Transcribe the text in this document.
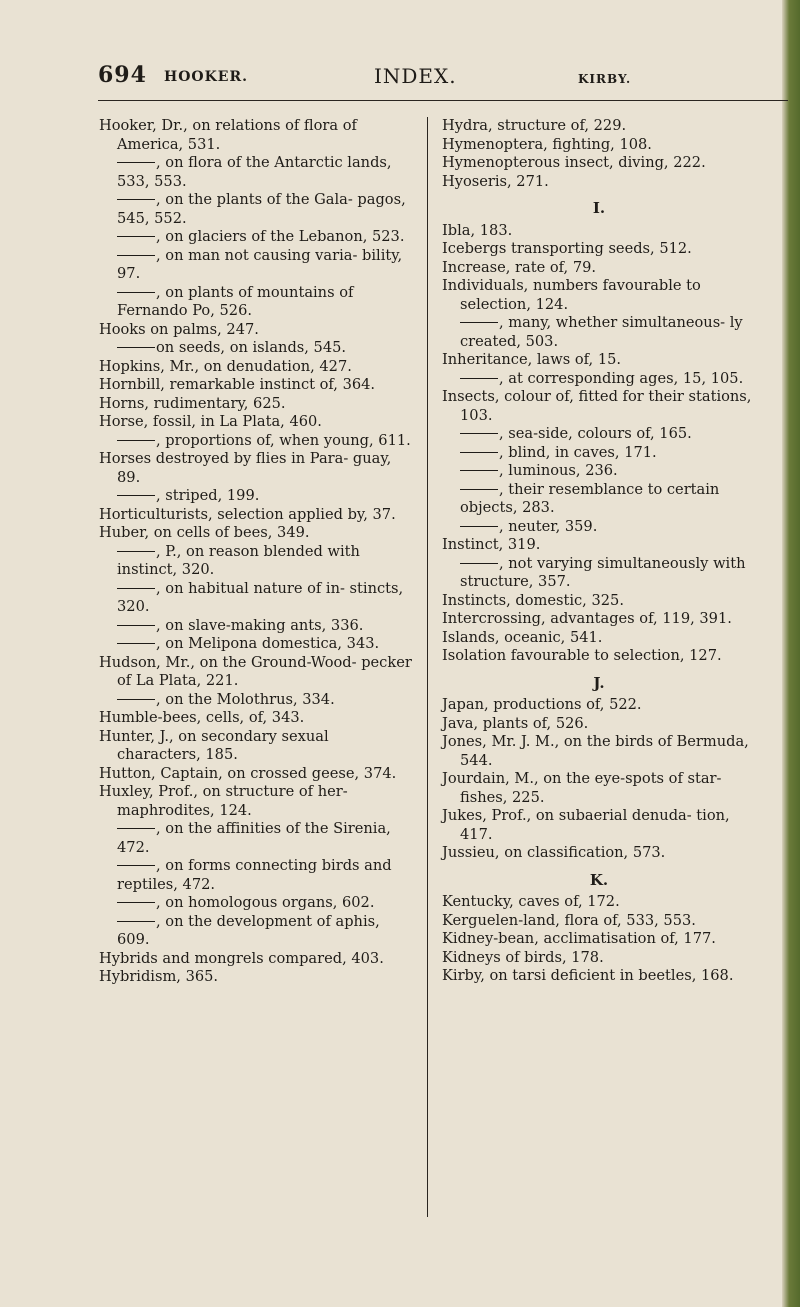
694 HOOKER.	INDEX.	KIRBY.

Hooker, Dr., on relations of flora of America, 531.

, on flora of the Antarctic lands, 533, 553.

, on the plants of the Gala- pagos, 545, 552.

, on glaciers of the Lebanon, 523.

, on man not causing varia- bility, 97.

, on plants of mountains of Fernando Po, 526.

Hooks on palms, 247.

on seeds, on islands, 545.

Hopkins, Mr., on denudation, 427.

Hornbill, remarkable instinct of, 364.

Horns, rudimentary, 625.

Horse, fossil, in La Plata, 460.

, proportions of, when young, 611.

Horses destroyed by flies in Para- guay, 89.

, striped, 199.

Horticulturists, selection applied by, 37.

Huber, on cells of bees, 349.

, P., on reason blended with instinct, 320.

, on habitual nature of in- stincts, 320.

, on slave-making ants, 336.

, on Melipona domestica, 343.

Hudson, Mr., on the Ground-Wood- pecker of La Plata, 221.

, on the Molothrus, 334.

Humble-bees, cells, of, 343.

Hunter, J., on secondary sexual characters, 185.

Hutton, Captain, on crossed geese, 374.

Huxley, Prof., on structure of her- maphrodites, 124.

, on the affinities of the Sirenia, 472.

, on forms connecting birds and reptiles, 472.

, on homologous organs, 602.

, on the development of aphis, 609.

Hybrids and mongrels compared, 403.

Hybridism, 365.

Hydra, structure of, 229.

Hymenoptera, fighting, 108.

Hymenopterous insect, diving, 222.

Hyoseris, 271.

I.

Ibla, 183.

Icebergs transporting seeds, 512.

Increase, rate of, 79.

Individuals, numbers favourable to selection, 124.

, many, whether simultaneous- ly created, 503.

Inheritance, laws of, 15.

, at corresponding ages, 15, 105.

Insects, colour of, fitted for their stations, 103.

, sea-side, colours of, 165.

, blind, in caves, 171.

, luminous, 236.

, their resemblance to certain objects, 283.

, neuter, 359.

Instinct, 319.

, not varying simultaneously with structure, 357.

Instincts, domestic, 325.

Intercrossing, advantages of, 119, 391.

Islands, oceanic, 541.

Isolation favourable to selection, 127.

J.

Japan, productions of, 522.

Java, plants of, 526.

Jones, Mr. J. M., on the birds of Bermuda, 544.

Jourdain, M., on the eye-spots of star-fishes, 225.

Jukes, Prof., on subaerial denuda- tion, 417.

Jussieu, on classification, 573.

K.

Kentucky, caves of, 172.

Kerguelen-land, flora of, 533, 553.

Kidney-bean, acclimatisation of, 177.

Kidneys of birds, 178.

Kirby, on tarsi deficient in beetles, 168.
